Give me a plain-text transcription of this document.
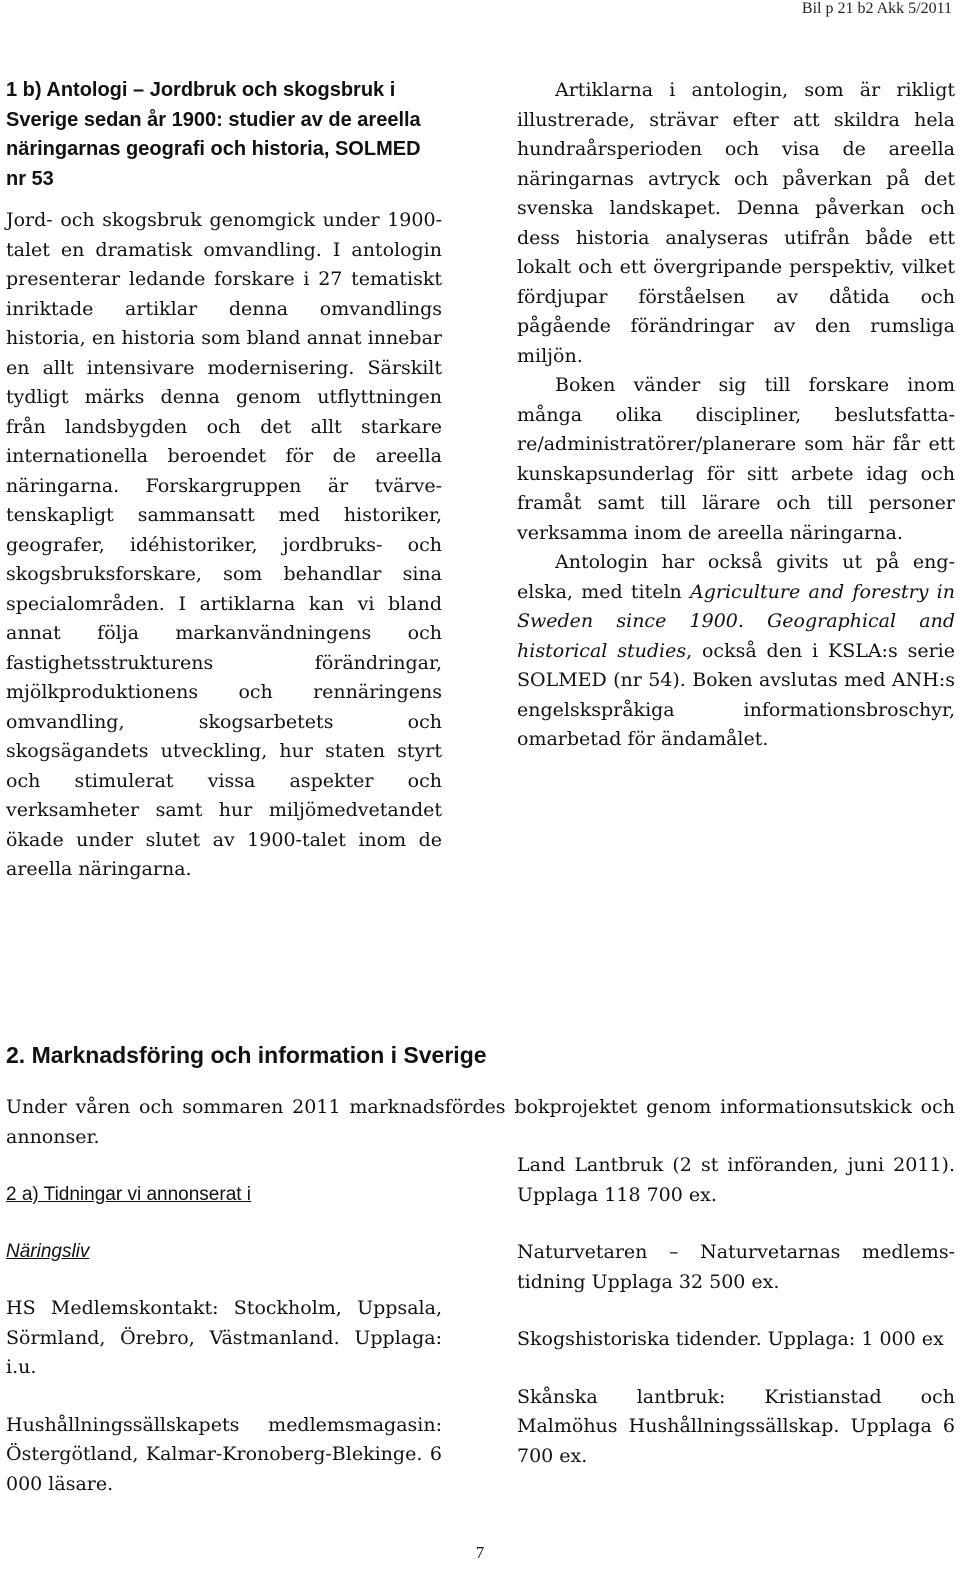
Bil p 21 b2 Akk 5/2011

1 b) Antologi – Jordbruk och skogsbruk i Sverige sedan år 1900: studier av de areella näringarnas geografi och historia, SOLMED nr 53

Jord- och skogsbruk genomgick under 1900-talet en dramatisk omvandling. I antologin presenterar ledande forskare i 27 tematiskt inriktade artiklar denna omvandlings historia, en historia som bland annat innebar en allt intensivare modernisering. Särskilt tydligt märks denna genom utflyttningen från landsbygden och det allt starkare internationella beroendet för de areella näringarna. Forskargruppen är tvärvetenskapligt sammansatt med historiker, geografer, idéhistoriker, jordbruks- och skogsbruksforskare, som behandlar sina specialområden. I artiklarna kan vi bland annat följa markanvändningens och fastighetsstrukturens förändringar, mjölkproduktionens och rennäringens omvandling, skogsarbetets och skogsägandets utveckling, hur staten styrt och stimulerat vissa aspekter och verksamheter samt hur miljömedvetandet ökade under slutet av 1900-talet inom de areella näringarna.

Artiklarna i antologin, som är rikligt illustrerade, strävar efter att skildra hela hundraårsperioden och visa de areella näringarnas avtryck och påverkan på det svenska landskapet. Denna påverkan och dess historia analyseras utifrån både ett lokalt och ett övergripande perspektiv, vilket fördjupar förståelsen av dåtida och pågående förändringar av den rumsliga miljön.

Boken vänder sig till forskare inom många olika discipliner, beslutsfattare/administratörer/planerare som här får ett kunskapsunderlag för sitt arbete idag och framåt samt till lärare och till personer verksamma inom de areella näringarna.

Antologin har också givits ut på engelska, med titeln Agriculture and forestry in Sweden since 1900. Geographical and historical studies, också den i KSLA:s serie SOLMED (nr 54). Boken avslutas med ANH:s engelskspråkiga informationsbroschyr, omarbetad för ändamålet.

2. Marknadsföring och information i Sverige
Under våren och sommaren 2011 marknadsfördes bokprojektet genom informationsutskick och annonser.

2 a) Tidningar vi annonserat i

Näringsliv

HS Medlemskontakt: Stockholm, Uppsala, Sörmland, Örebro, Västmanland. Upplaga: i.u.

Hushållningssällskapets medlemsmagasin: Östergötland, Kalmar-Kronoberg-Blekinge. 6 000 läsare.

Land Lantbruk (2 st införanden, juni 2011). Upplaga 118 700 ex.

Naturvetaren – Naturvetarnas medlemstidning Upplaga 32 500 ex.

Skogshistoriska tidender. Upplaga: 1 000 ex

Skånska lantbruk: Kristianstad och Malmöhus Hushållningssällskap. Upplaga 6 700 ex.

7
